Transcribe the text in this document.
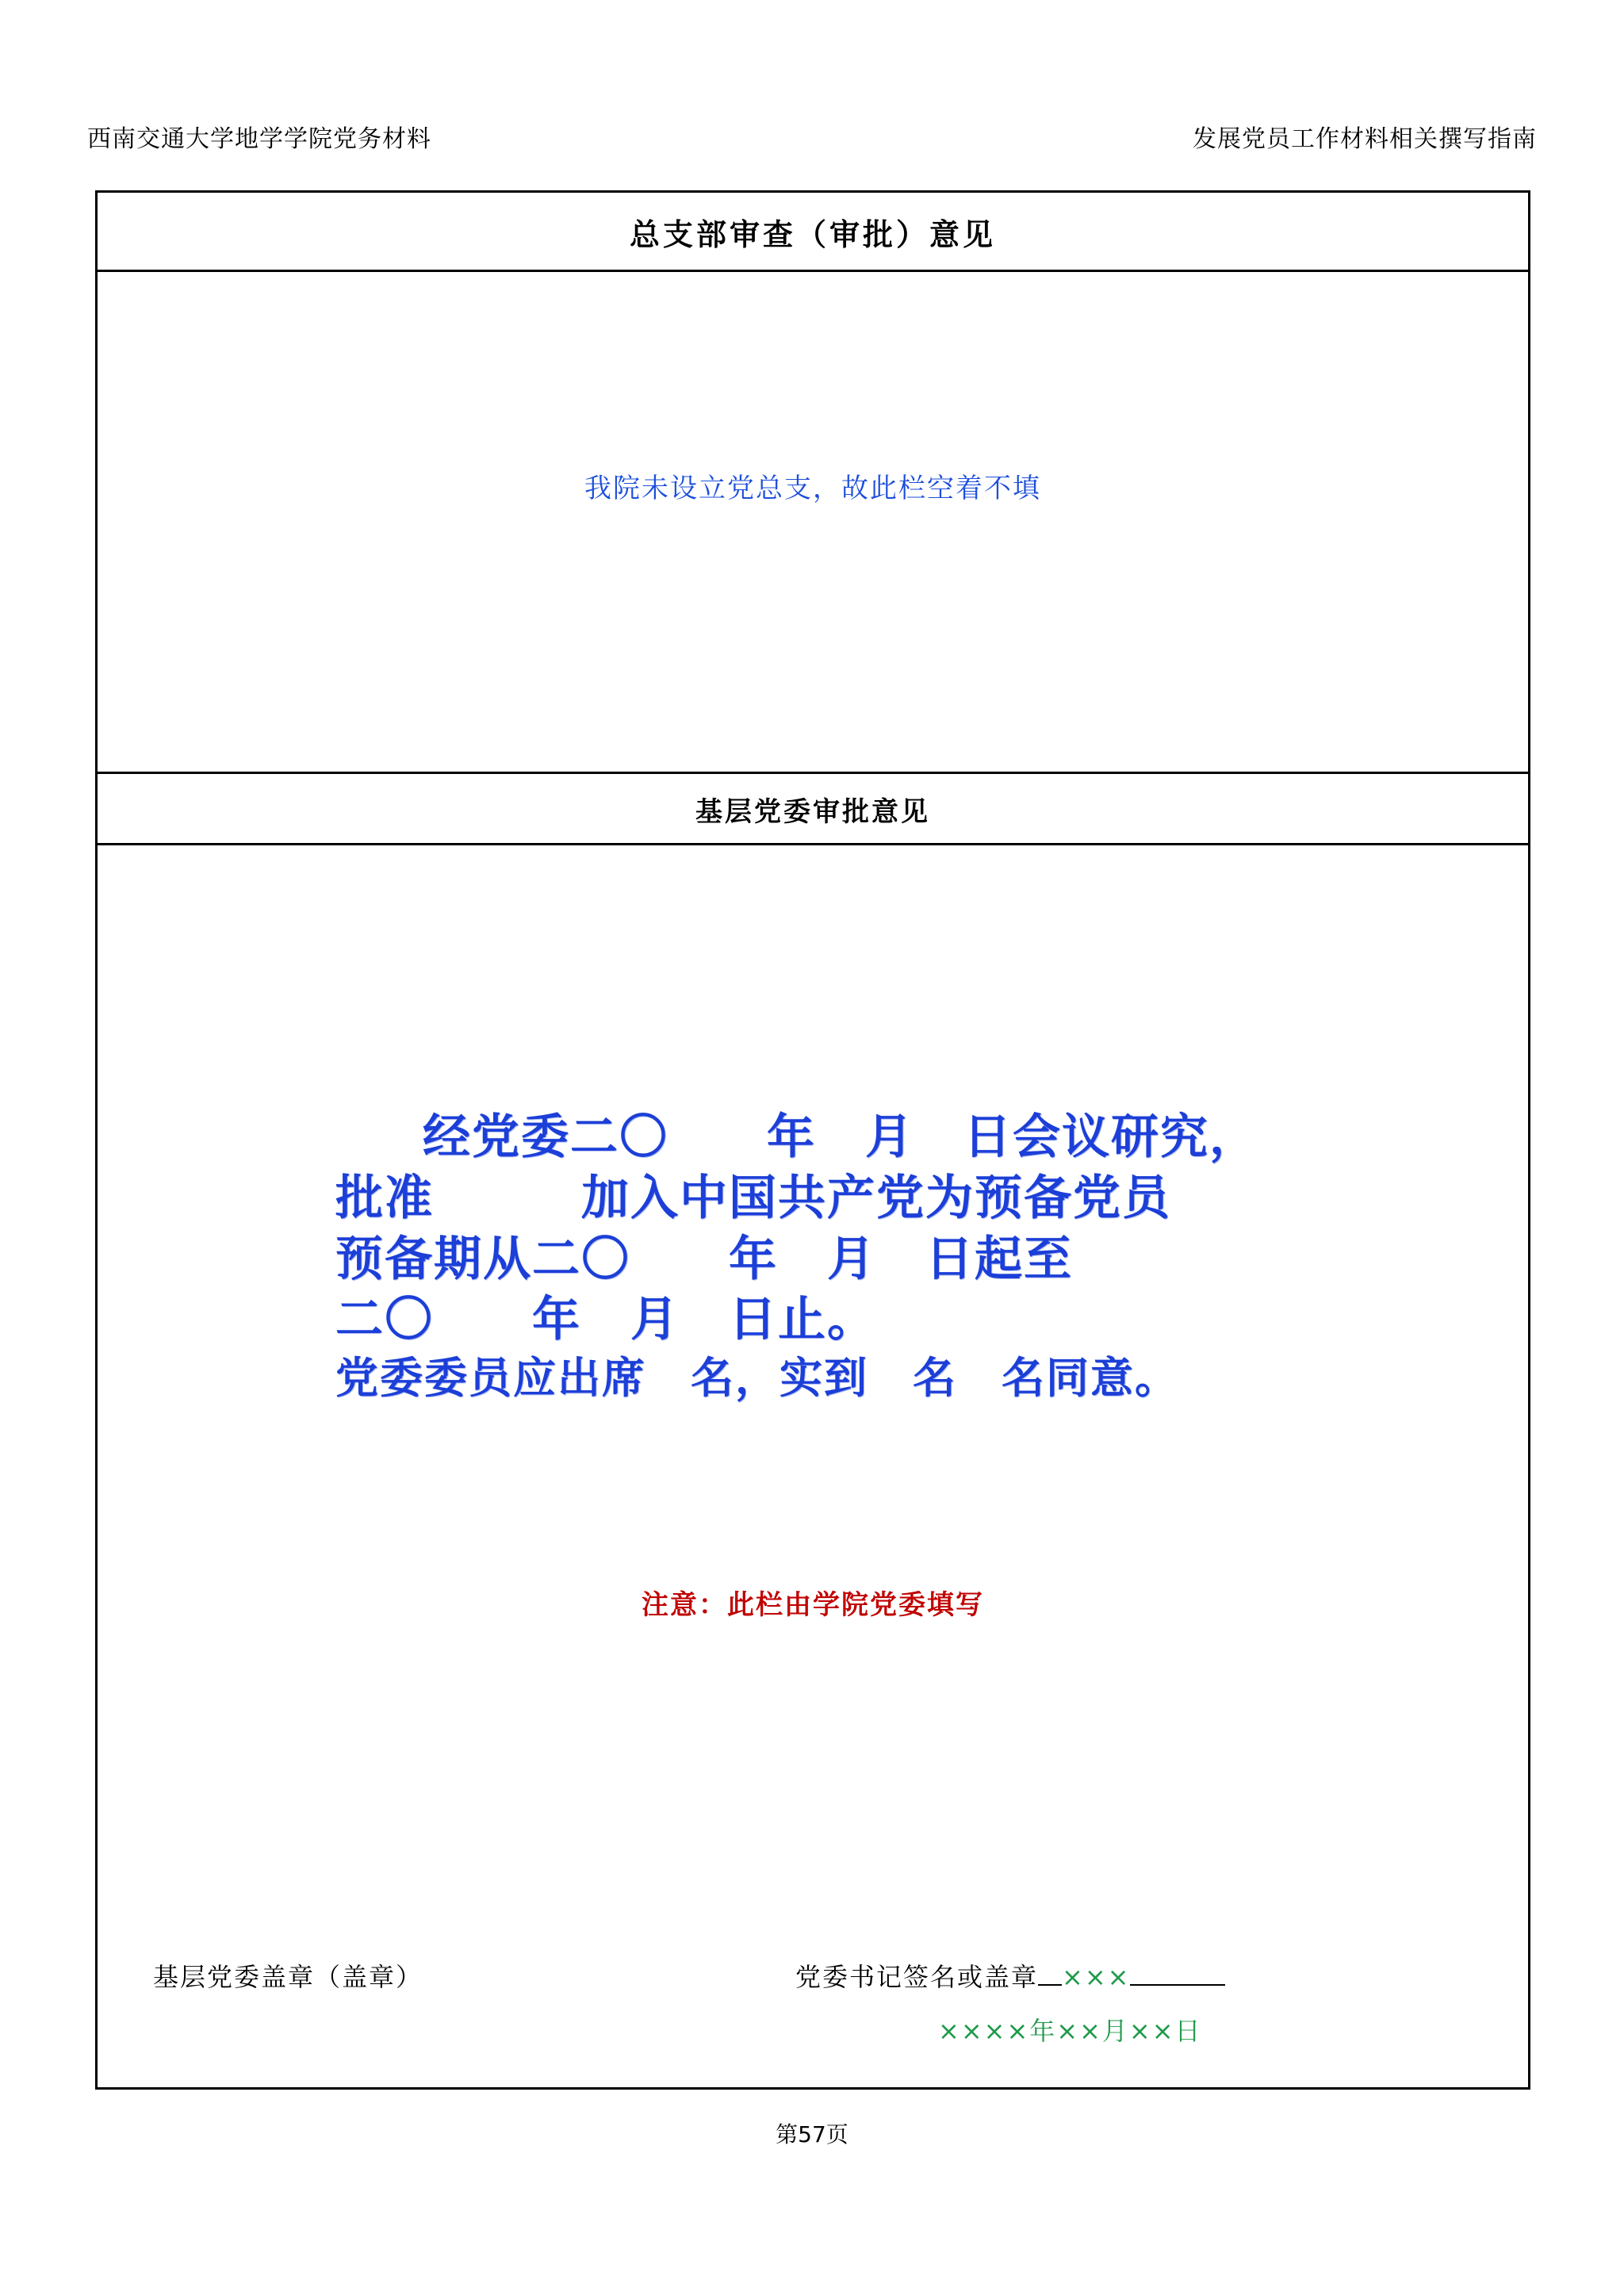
西南交通大学地学学院党务材料	发展党员工作材料相关撰写指南
总支部审查（审批）意见
我院未设立党总支，故此栏空着不填
基层党委审批意见
经党委二〇　　年　月　日会议研究，
批准　　　加入中国共产党为预备党员
预备期从二〇　　年　月　日起至
二〇　　年　月　日止。
党委委员应出席　名，实到　名　名同意。
注意：此栏由学院党委填写
基层党委盖章（盖章）	党委书记签名或盖章 ×××
××××年××月××日
第57页
